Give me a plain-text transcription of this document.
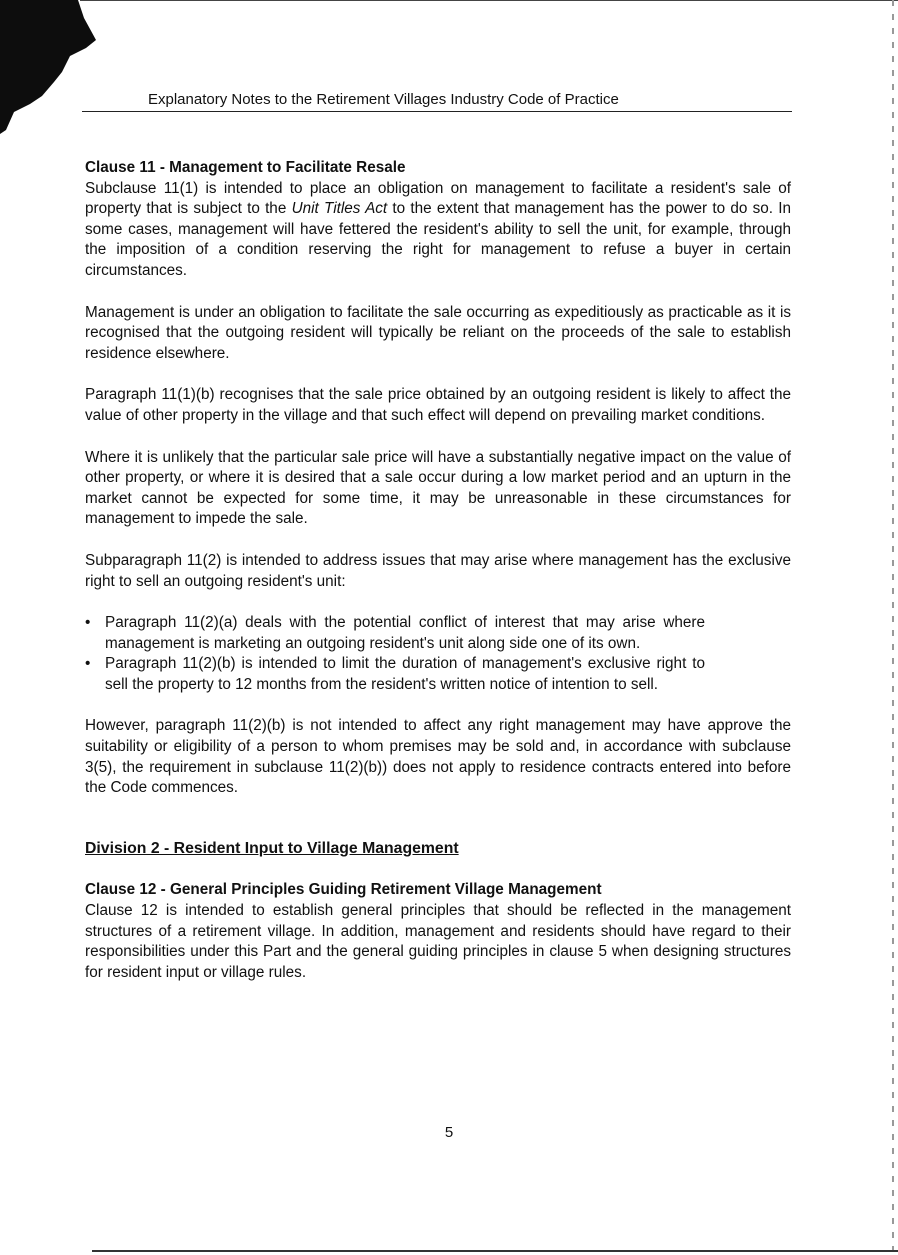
Explanatory Notes to the Retirement Villages Industry Code of Practice

Clause 11 - Management to Facilitate Resale

Subclause 11(1) is intended to place an obligation on management to facilitate a resident's sale of property that is subject to the Unit Titles Act to the extent that management has the power to do so. In some cases, management will have fettered the resident's ability to sell the unit, for example, through the imposition of a condition reserving the right for management to refuse a buyer in certain circumstances.

Management is under an obligation to facilitate the sale occurring as expeditiously as practicable as it is recognised that the outgoing resident will typically be reliant on the proceeds of the sale to establish residence elsewhere.

Paragraph 11(1)(b) recognises that the sale price obtained by an outgoing resident is likely to affect the value of other property in the village and that such effect will depend on prevailing market conditions.

Where it is unlikely that the particular sale price will have a substantially negative impact on the value of other property, or where it is desired that a sale occur during a low market period and an upturn in the market cannot be expected for some time, it may be unreasonable in these circumstances for management to impede the sale.

Subparagraph 11(2) is intended to address issues that may arise where management has the exclusive right to sell an outgoing resident's unit:

• Paragraph 11(2)(a) deals with the potential conflict of interest that may arise where management is marketing an outgoing resident's unit along side one of its own.
• Paragraph 11(2)(b) is intended to limit the duration of management's exclusive right to sell the property to 12 months from the resident's written notice of intention to sell.

However, paragraph 11(2)(b) is not intended to affect any right management may have approve the suitability or eligibility of a person to whom premises may be sold and, in accordance with subclause 3(5), the requirement in subclause 11(2)(b)) does not apply to residence contracts entered into before the Code commences.

Division 2 - Resident Input to Village Management

Clause 12 - General Principles Guiding Retirement Village Management

Clause 12 is intended to establish general principles that should be reflected in the management structures of a retirement village. In addition, management and residents should have regard to their responsibilities under this Part and the general guiding principles in clause 5 when designing structures for resident input or village rules.

5
